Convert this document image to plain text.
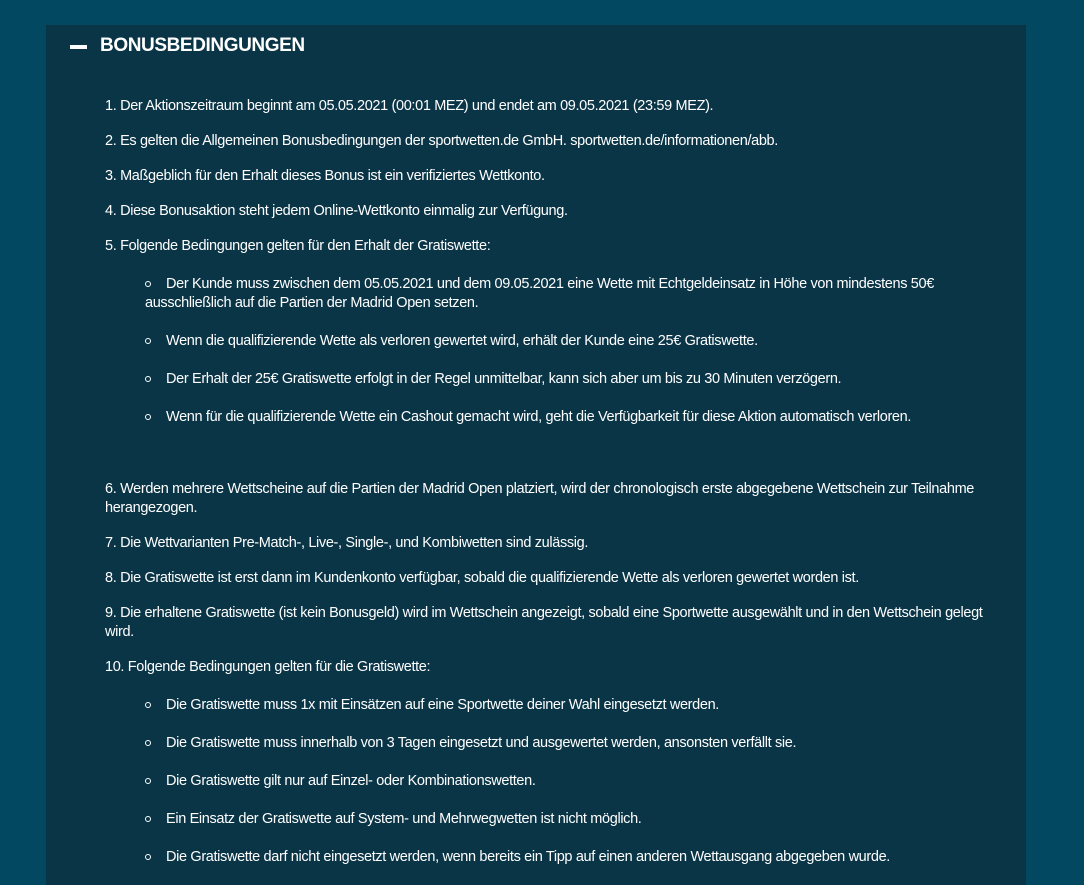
BONUSBEDINGUNGEN
1. Der Aktionszeitraum beginnt am 05.05.2021 (00:01 MEZ) und endet am 09.05.2021 (23:59 MEZ).
2. Es gelten die Allgemeinen Bonusbedingungen der sportwetten.de GmbH. sportwetten.de/informationen/abb.
3. Maßgeblich für den Erhalt dieses Bonus ist ein verifiziertes Wettkonto.
4. Diese Bonusaktion steht jedem Online-Wettkonto einmalig zur Verfügung.
5. Folgende Bedingungen gelten für den Erhalt der Gratiswette:
Der Kunde muss zwischen dem 05.05.2021 und dem 09.05.2021 eine Wette mit Echtgeldeinsatz in Höhe von mindestens 50€ ausschließlich auf die Partien der Madrid Open setzen.
Wenn die qualifizierende Wette als verloren gewertet wird, erhält der Kunde eine 25€ Gratiswette.
Der Erhalt der 25€ Gratiswette erfolgt in der Regel unmittelbar, kann sich aber um bis zu 30 Minuten verzögern.
Wenn für die qualifizierende Wette ein Cashout gemacht wird, geht die Verfügbarkeit für diese Aktion automatisch verloren.
6. Werden mehrere Wettscheine auf die Partien der Madrid Open platziert, wird der chronologisch erste abgegebene Wettschein zur Teilnahme herangezogen.
7. Die Wettvarianten Pre-Match-, Live-, Single-, und Kombiwetten sind zulässig.
8. Die Gratiswette ist erst dann im Kundenkonto verfügbar, sobald die qualifizierende Wette als verloren gewertet worden ist.
9. Die erhaltene Gratiswette (ist kein Bonusgeld) wird im Wettschein angezeigt, sobald eine Sportwette ausgewählt und in den Wettschein gelegt wird.
10. Folgende Bedingungen gelten für die Gratiswette:
Die Gratiswette muss 1x mit Einsätzen auf eine Sportwette deiner Wahl eingesetzt werden.
Die Gratiswette muss innerhalb von 3 Tagen eingesetzt und ausgewertet werden, ansonsten verfällt sie.
Die Gratiswette gilt nur auf Einzel- oder Kombinationswetten.
Ein Einsatz der Gratiswette auf System- und Mehrwegwetten ist nicht möglich.
Die Gratiswette darf nicht eingesetzt werden, wenn bereits ein Tipp auf einen anderen Wettausgang abgegeben wurde.
